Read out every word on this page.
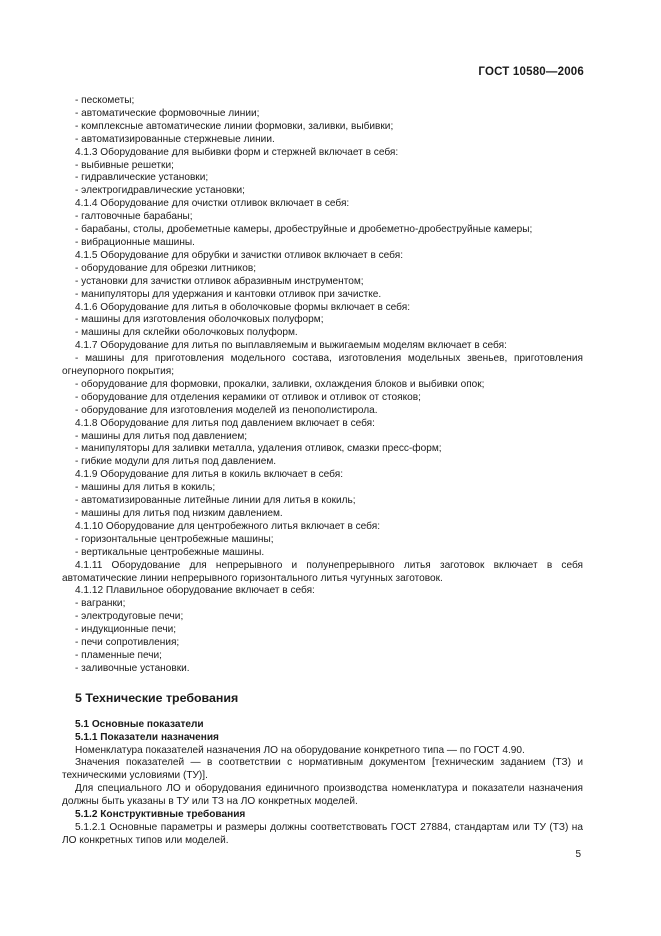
ГОСТ 10580—2006
- пескометы;
- автоматические формовочные линии;
- комплексные автоматические линии формовки, заливки, выбивки;
- автоматизированные стержневые линии.
4.1.3 Оборудование для выбивки форм и стержней включает в себя:
- выбивные решетки;
- гидравлические установки;
- электрогидравлические установки;
4.1.4 Оборудование для очистки отливок включает в себя:
- галтовочные барабаны;
- барабаны, столы, дробеметные камеры, дробеструйные и дробеметно-дробеструйные камеры;
- вибрационные машины.
4.1.5 Оборудование для обрубки и зачистки отливок включает в себя:
- оборудование для обрезки литников;
- установки для зачистки отливок абразивным инструментом;
- манипуляторы для удержания и кантовки отливок при зачистке.
4.1.6 Оборудование для литья в оболочковые формы включает в себя:
- машины для изготовления оболочковых полуформ;
- машины для склейки оболочковых полуформ.
4.1.7 Оборудование для литья по выплавляемым и выжигаемым моделям включает в себя:
- машины для приготовления модельного состава, изготовления модельных звеньев, приготовления огнеупорного покрытия;
- оборудование для формовки, прокалки, заливки, охлаждения блоков и выбивки опок;
- оборудование для отделения керамики от отливок и отливок от стояков;
- оборудование для изготовления моделей из пенополистирола.
4.1.8 Оборудование для литья под давлением включает в себя:
- машины для литья под давлением;
- манипуляторы для заливки металла, удаления отливок, смазки пресс-форм;
- гибкие модули для литья под давлением.
4.1.9 Оборудование для литья в кокиль включает в себя:
- машины для литья в кокиль;
- автоматизированные литейные линии для литья в кокиль;
- машины для литья под низким давлением.
4.1.10 Оборудование для центробежного литья включает в себя:
- горизонтальные центробежные машины;
- вертикальные центробежные машины.
4.1.11 Оборудование для непрерывного и полунепрерывного литья заготовок включает в себя автоматические линии непрерывного горизонтального литья чугунных заготовок.
4.1.12 Плавильное оборудование включает в себя:
- вагранки;
- электродуговые печи;
- индукционные печи;
- печи сопротивления;
- пламенные печи;
- заливочные установки.
5 Технические требования
5.1 Основные показатели
5.1.1 Показатели назначения
Номенклатура показателей назначения ЛО на оборудование конкретного типа — по ГОСТ 4.90.
Значения показателей — в соответствии с нормативным документом [техническим заданием (ТЗ) и техническими условиями (ТУ)].
Для специального ЛО и оборудования единичного производства номенклатура и показатели назначения должны быть указаны в ТУ или ТЗ на ЛО конкретных моделей.
5.1.2 Конструктивные требования
5.1.2.1 Основные параметры и размеры должны соответствовать ГОСТ 27884, стандартам или ТУ (ТЗ) на ЛО конкретных типов или моделей.
5
